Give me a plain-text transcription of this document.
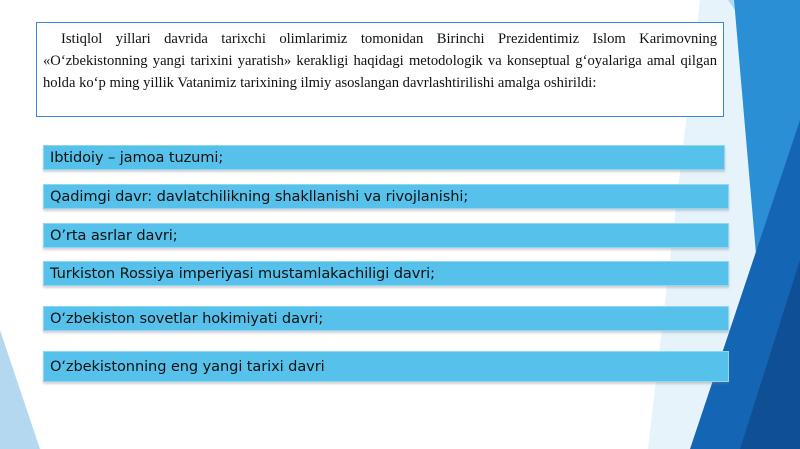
Istiqlol yillari davrida tarixchi olimlarimiz tomonidan Birinchi Prezidentimiz Islom Karimovning «O‘zbekistonning yangi tarixini yaratish» kerakligi haqidagi metodologik va konseptual g‘oyalariga amal qilgan holda ko‘p ming yillik Vatanimiz tarixining ilmiy asoslangan davrlashtirilishi amalga oshirildi:

Ibtidoiy – jamoa tuzumi;
Qadimgi davr: davlatchilikning shakllanishi va rivojlanishi;
O’rta asrlar davri;
Turkiston Rossiya imperiyasi mustamlakachiligi davri;
O‘zbekiston sovetlar hokimiyati davri;
O‘zbekistonning eng yangi tarixi davri
